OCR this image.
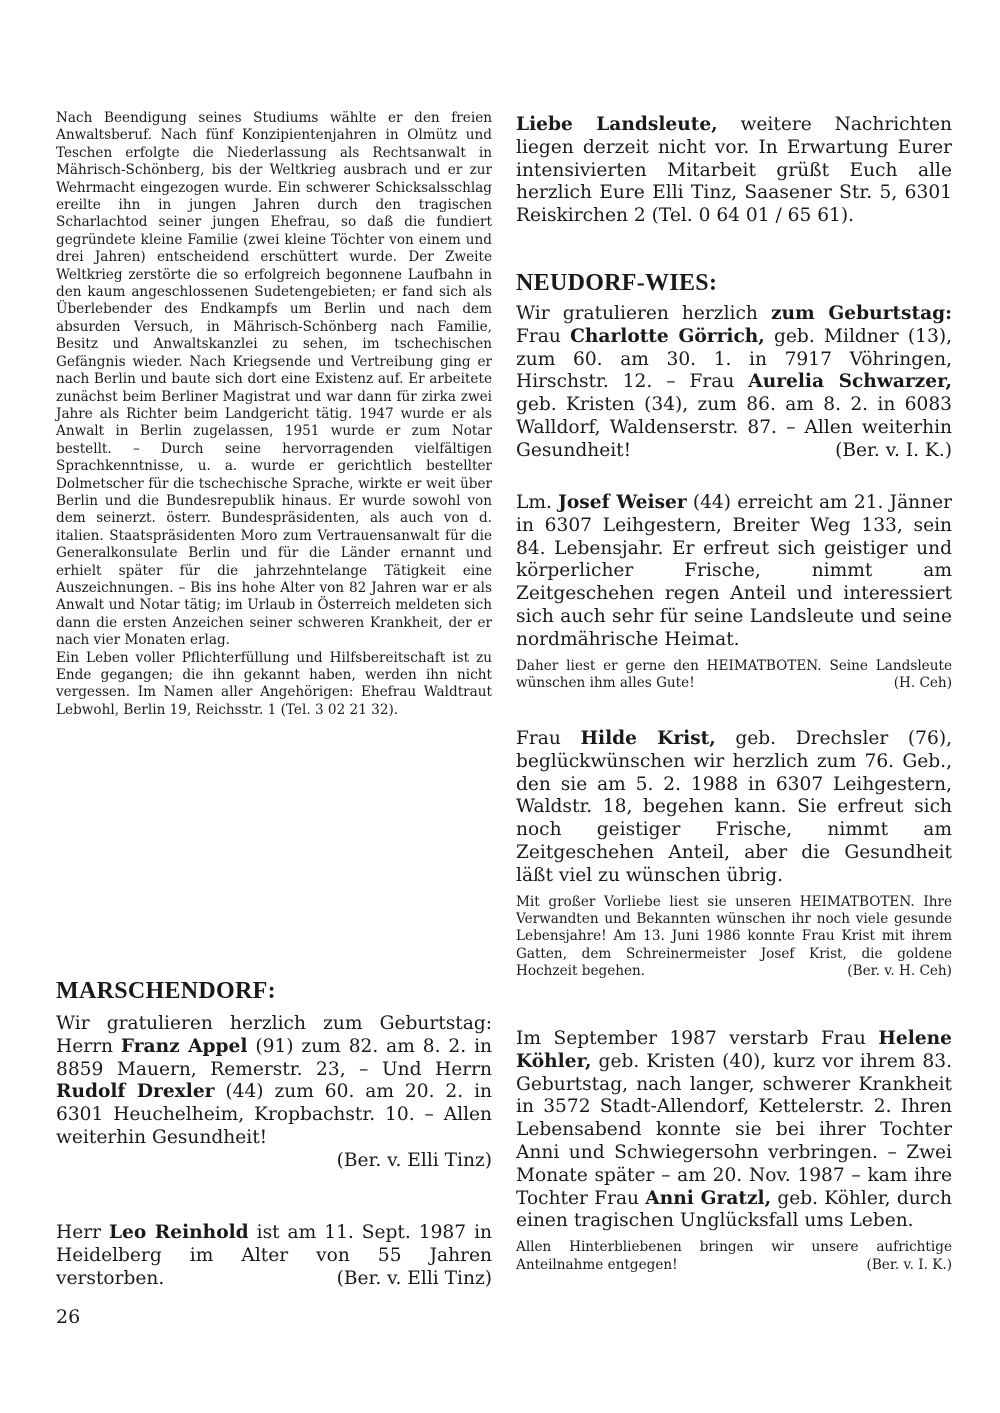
Nach Beendigung seines Studiums wählte er den freien Anwaltsberuf. Nach fünf Konzipientenjahren in Olmütz und Teschen erfolgte die Niederlassung als Rechtsanwalt in Mährisch-Schönberg, bis der Weltkrieg ausbrach und er zur Wehrmacht eingezogen wurde. Ein schwerer Schicksalsschlag ereilte ihn in jungen Jahren durch den tragischen Scharlachtod seiner jungen Ehefrau, so daß die fundiert gegründete kleine Familie (zwei kleine Töchter von einem und drei Jahren) entscheidend erschüttert wurde. Der Zweite Weltkrieg zerstörte die so erfolgreich begonnene Laufbahn in den kaum angeschlossenen Sudetengebieten; er fand sich als Überlebender des Endkampfs um Berlin und nach dem absurden Versuch, in Mährisch-Schönberg nach Familie, Besitz und Anwaltskanzlei zu sehen, im tschechischen Gefängnis wieder. Nach Kriegsende und Vertreibung ging er nach Berlin und baute sich dort eine Existenz auf. Er arbeitete zunächst beim Berliner Magistrat und war dann für zirka zwei Jahre als Richter beim Landgericht tätig. 1947 wurde er als Anwalt in Berlin zugelassen, 1951 wurde er zum Notar bestellt. – Durch seine hervorragenden vielfältigen Sprachkenntnisse, u. a. wurde er gerichtlich bestellter Dolmetscher für die tschechische Sprache, wirkte er weit über Berlin und die Bundesrepublik hinaus. Er wurde sowohl von dem seinerzt. österr. Bundespräsidenten, als auch von d. italien. Staatspräsidenten Moro zum Vertrauensanwalt für die Generalkonsulate Berlin und für die Länder ernannt und erhielt später für die jahrzehntelange Tätigkeit eine Auszeichnungen. – Bis ins hohe Alter von 82 Jahren war er als Anwalt und Notar tätig; im Urlaub in Österreich meldeten sich dann die ersten Anzeichen seiner schweren Krankheit, der er nach vier Monaten erlag.

Ein Leben voller Pflichterfüllung und Hilfsbereitschaft ist zu Ende gegangen; die ihn gekannt haben, werden ihn nicht vergessen. Im Namen aller Angehörigen: Ehefrau Waldtraut Lebwohl, Berlin 19, Reichsstr. 1 (Tel. 3 02 21 32).

MARSCHENDORF:

Wir gratulieren herzlich zum Geburtstag: Herrn Franz Appel (91) zum 82. am 8. 2. in 8859 Mauern, Remerstr. 23, – Und Herrn Rudolf Drexler (44) zum 60. am 20. 2. in 6301 Heuchelheim, Kropbachstr. 10. – Allen weiterhin Gesundheit!

(Ber. v. Elli Tinz)

Herr Leo Reinhold ist am 11. Sept. 1987 in Heidelberg im Alter von 55 Jahren verstorben.	(Ber. v. Elli Tinz)

Liebe Landsleute, weitere Nachrichten liegen derzeit nicht vor. In Erwartung Eurer intensivierten Mitarbeit grüßt Euch alle herzlich Eure Elli Tinz, Saasener Str. 5, 6301 Reiskirchen 2 (Tel. 0 64 01 / 65 61).

NEUDORF-WIES:

Wir gratulieren herzlich zum Geburtstag: Frau Charlotte Görrich, geb. Mildner (13), zum 60. am 30. 1. in 7917 Vöhringen, Hirschstr. 12. – Frau Aurelia Schwarzer, geb. Kristen (34), zum 86. am 8. 2. in 6083 Walldorf, Waldenserstr. 87. – Allen weiterhin Gesundheit!	(Ber. v. I. K.)

Lm. Josef Weiser (44) erreicht am 21. Jänner in 6307 Leihgestern, Breiter Weg 133, sein 84. Lebensjahr. Er erfreut sich geistiger und körperlicher Frische, nimmt am Zeitgeschehen regen Anteil und interessiert sich auch sehr für seine Landsleute und seine nordmährische Heimat.

Daher liest er gerne den HEIMATBOTEN. Seine Landsleute wünschen ihm alles Gute!	(H. Ceh)

Frau Hilde Krist, geb. Drechsler (76), beglückwünschen wir herzlich zum 76. Geb., den sie am 5. 2. 1988 in 6307 Leihgestern, Waldstr. 18, begehen kann. Sie erfreut sich noch geistiger Frische, nimmt am Zeitgeschehen Anteil, aber die Gesundheit läßt viel zu wünschen übrig.

Mit großer Vorliebe liest sie unseren HEIMATBOTEN. Ihre Verwandten und Bekannten wünschen ihr noch viele gesunde Lebensjahre! Am 13. Juni 1986 konnte Frau Krist mit ihrem Gatten, dem Schreinermeister Josef Krist, die goldene Hochzeit begehen.	(Ber. v. H. Ceh)

Im September 1987 verstarb Frau Helene Köhler, geb. Kristen (40), kurz vor ihrem 83. Geburtstag, nach langer, schwerer Krankheit in 3572 Stadt-Allendorf, Kettelerstr. 2. Ihren Lebensabend konnte sie bei ihrer Tochter Anni und Schwiegersohn verbringen. – Zwei Monate später – am 20. Nov. 1987 – kam ihre Tochter Frau Anni Gratzl, geb. Köhler, durch einen tragischen Unglücksfall ums Leben.

Allen Hinterbliebenen bringen wir unsere aufrichtige Anteilnahme entgegen!	(Ber. v. I. K.)

26
